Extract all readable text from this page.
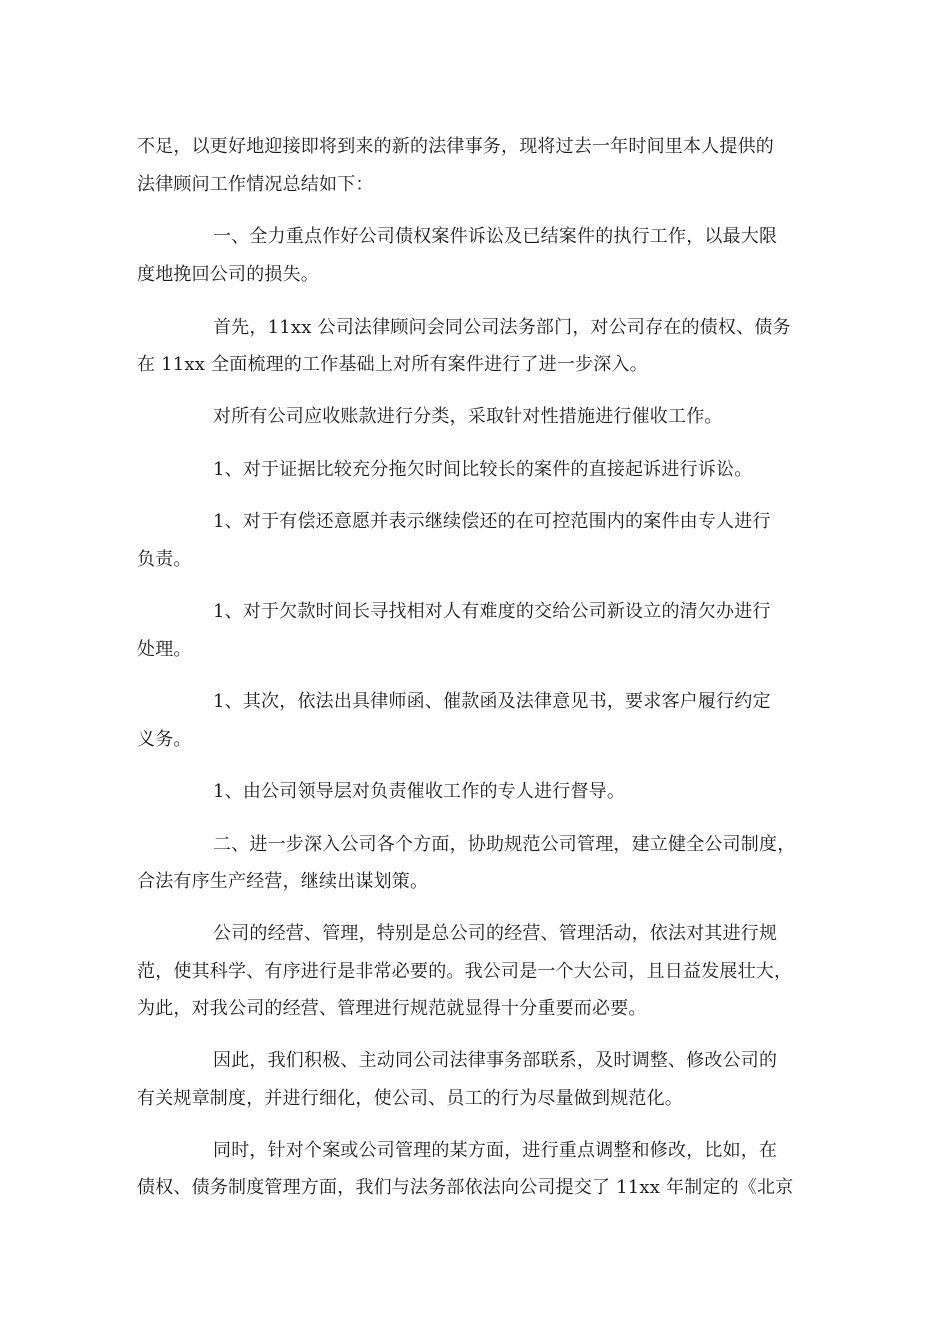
不足，以更好地迎接即将到来的新的法律事务，现将过去一年时间里本人提供的
法律顾问工作情况总结如下：
一、全力重点作好公司债权案件诉讼及已结案件的执行工作，以最大限
度地挽回公司的损失。
首先，11xx 公司法律顾问会同公司法务部门，对公司存在的债权、债务
在 11xx 全面梳理的工作基础上对所有案件进行了进一步深入。
对所有公司应收账款进行分类，采取针对性措施进行催收工作。
1、对于证据比较充分拖欠时间比较长的案件的直接起诉进行诉讼。
1、对于有偿还意愿并表示继续偿还的在可控范围内的案件由专人进行
负责。
1、对于欠款时间长寻找相对人有难度的交给公司新设立的清欠办进行
处理。
1、其次，依法出具律师函、催款函及法律意见书，要求客户履行约定
义务。
1、由公司领导层对负责催收工作的专人进行督导。
二、进一步深入公司各个方面，协助规范公司管理，建立健全公司制度，
合法有序生产经营，继续出谋划策。
公司的经营、管理，特别是总公司的经营、管理活动，依法对其进行规
范，使其科学、有序进行是非常必要的。我公司是一个大公司，且日益发展壮大，
为此，对我公司的经营、管理进行规范就显得十分重要而必要。
因此，我们积极、主动同公司法律事务部联系，及时调整、修改公司的
有关规章制度，并进行细化，使公司、员工的行为尽量做到规范化。
同时，针对个案或公司管理的某方面，进行重点调整和修改，比如，在
债权、债务制度管理方面，我们与法务部依法向公司提交了 11xx 年制定的《北京
